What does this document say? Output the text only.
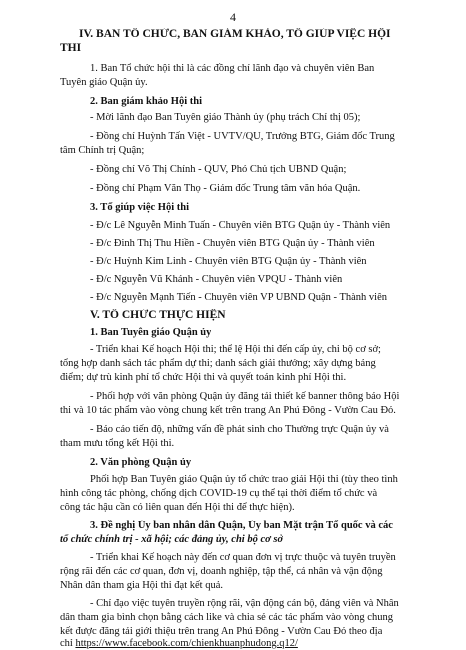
4
IV. BAN TỔ CHỨC, BAN GIÁM KHẢO, TỔ GIÚP VIỆC HỘI
THI
1. Ban Tổ chức hội thi là các đồng chí lãnh đạo và chuyên viên Ban
Tuyên giáo Quận ủy.
2. Ban giám khảo Hội thi
- Mời lãnh đạo Ban Tuyên giáo Thành ủy (phụ trách Chỉ thị 05);
- Đồng chí Huỳnh Tấn Việt - UVTV/QU, Trưởng BTG, Giám đốc Trung
tâm Chính trị Quận;
- Đồng chí Võ Thị Chính - QUV, Phó Chủ tịch UBND Quận;
- Đồng chí Phạm Văn Thọ - Giám đốc Trung tâm văn hóa Quận.
3. Tổ giúp việc Hội thi
- Đ/c Lê Nguyễn Minh Tuấn - Chuyên viên BTG Quận ủy - Thành viên
- Đ/c Đinh Thị Thu Hiền - Chuyên viên BTG Quận ủy - Thành viên
- Đ/c Huỳnh Kim Linh - Chuyên viên BTG Quận ủy - Thành viên
- Đ/c Nguyễn Vũ Khánh - Chuyên viên VPQU - Thành viên
- Đ/c Nguyễn Mạnh Tiến - Chuyên viên VP UBND Quận - Thành viên
V. TỔ CHỨC THỰC HIỆN
1. Ban Tuyên giáo Quận ủy
- Triển khai Kế hoạch Hội thi; thể lệ Hội thi đến cấp ủy, chi bộ cơ sở;
tổng hợp danh sách tác phẩm dự thi; danh sách giải thưởng; xây dựng bảng
điểm; dự trù kinh phí tổ chức Hội thi và quyết toán kinh phí Hội thi.
- Phối hợp với văn phòng Quận ủy đăng tải thiết kế banner thông báo Hội
thi và 10 tác phẩm vào vòng chung kết trên trang An Phú Đông - Vườn Cau Đỏ.
- Báo cáo tiến độ, những vấn đề phát sinh cho Thường trực Quận ủy và
tham mưu tổng kết Hội thi.
2. Văn phòng Quận ủy
Phối hợp Ban Tuyên giáo Quận ủy tổ chức trao giải Hội thi (tùy theo tình
hình công tác phòng, chống dịch COVID-19 cụ thể tại thời điểm tổ chức và
công tác hậu cần có liên quan đến Hội thi để thực hiện).
3. Đề nghị Ủy ban nhân dân Quận, Ủy ban Mặt trận Tổ quốc và các
tổ chức chính trị - xã hội; các đảng ủy, chi bộ cơ sở
- Triển khai Kế hoạch này đến cơ quan đơn vị trực thuộc và tuyên truyền
rộng rãi đến các cơ quan, đơn vị, doanh nghiệp, tập thể, cá nhân và vận động
Nhân dân tham gia Hội thi đạt kết quả.
- Chỉ đạo việc tuyên truyền rộng rãi, vận động cán bộ, đảng viên và Nhân
dân tham gia bình chọn bằng cách like và chia sẻ các tác phẩm vào vòng chung
kết được đăng tải giới thiệu trên trang An Phú Đông - Vườn Cau Đỏ theo địa
chỉ https://www.facebook.com/chienkhuanphudong.q12/
